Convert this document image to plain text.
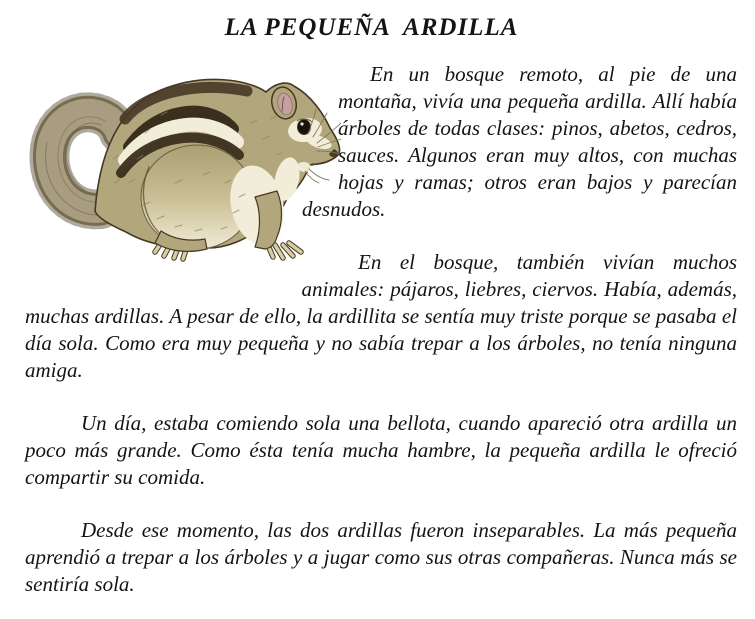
LA PEQUEÑA  ARDILLA

En un bosque remoto, al pie de una montaña, vivía una pequeña ardilla. Allí había árboles de todas clases: pinos, abetos, cedros, sauces. Algunos eran muy altos, con muchas hojas y ramas; otros eran bajos y parecían desnudos.

En el bosque, también vivían muchos animales: pájaros, liebres, ciervos. Había, además, muchas ardillas. A pesar de ello, la ardillita se sentía muy triste porque se pasaba el día sola. Como era muy pequeña y no sabía trepar a los árboles, no tenía ninguna amiga.

Un día, estaba comiendo sola una bellota, cuando apareció otra ardilla un poco más grande. Como ésta tenía mucha hambre, la pequeña ardilla le ofreció compartir su comida.

Desde ese momento, las dos ardillas fueron inseparables. La más pequeña aprendió a trepar a los árboles y a jugar como sus otras compañeras. Nunca más se sentiría sola.
